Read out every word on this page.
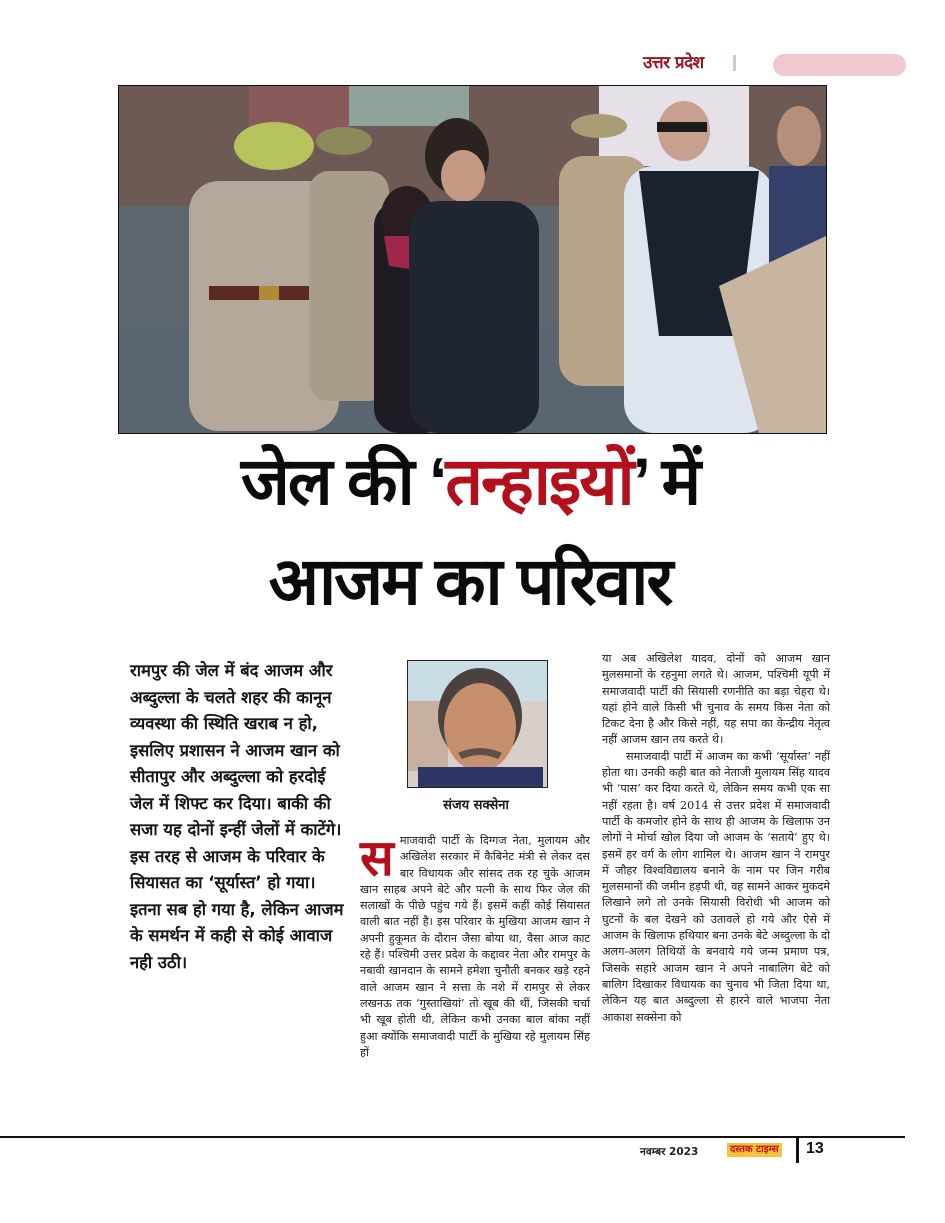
उत्तर प्रदेश
जेल की ‘तन्हाइयों’ में
आजम का परिवार
रामपुर की जेल में बंद आजम और अब्दुल्ला के चलते शहर की कानून व्यवस्था की स्थिति खराब न हो, इसलिए प्रशासन ने आजम खान को सीतापुर और अब्दुल्ला को हरदोई जेल में शिफ्ट कर दिया। बाकी की सजा यह दोनों इन्हीं जेलों में काटेंगे। इस तरह से आजम के परिवार के सियासत का ‘सूर्यास्त’ हो गया। इतना सब हो गया है, लेकिन आजम के समर्थन में कही से कोई आवाज नही उठी।
संजय सक्सेना
समाजवादी पार्टी के दिग्गज नेता, मुलायम और अखिलेश सरकार में कैबिनेट मंत्री से लेकर दस बार विधायक और सांसद तक रह चुके आजम खान साहब अपने बेटे और पत्नी के साथ फिर जेल की सलाखों के पीछे पहुंच गये हैं। इसमें कहीं कोई सियासत वाली बात नहीं है। इस परिवार के मुखिया आजम खान ने अपनी हुकूमत के दौरान जैसा बोया था, वैसा आज काट रहे हैं। पश्चिमी उत्तर प्रदेश के कद्दावर नेता और रामपुर के नबावी खानदान के सामने हमेशा चुनौती बनकर खड़े रहने वाले आजम खान ने सत्ता के नशे में रामपुर से लेकर लखनऊ तक ‘गुस्ताखियां’ तो खूब की थीं, जिसकी चर्चा भी खूब होती थी, लेकिन कभी उनका बाल बांका नहीं हुआ क्योंकि समाजवादी पार्टी के मुखिया रहे मुलायम सिंह हों

या अब अखिलेश यादव, दोनों को आजम खान मुलसमानों के रहनुमा लगते थे। आजम, पश्चिमी यूपी में समाजवादी पार्टी की सियासी रणनीति का बड़ा चेहरा थे। यहां होने वाले किसी भी चुनाव के समय किस नेता को टिकट देना है और किसे नहीं, यह सपा का केन्द्रीय नेतृत्व नहीं आजम खान तय करते थे।

समाजवादी पार्टी में आजम का कभी ‘सूर्यास्त’ नहीं होता था। उनकी कही बात को नेताजी मुलायम सिंह यादव भी ‘पास’ कर दिया करते थे, लेकिन समय कभी एक सा नहीं रहता है। वर्ष 2014 से उत्तर प्रदेश में समाजवादी पार्टी के कमजोर होने के साथ ही आजम के खिलाफ उन लोगों ने मोर्चा खोल दिया जो आजम के ‘सताये’ हुए थे। इसमें हर वर्ग के लोग शामिल थे। आजम खान ने रामपुर में जौहर विश्वविद्यालय बनाने के नाम पर जिन गरीब मुलसमानों की जमीन हड़पी थी, वह सामने आकर मुकदमे लिखाने लगे तो उनके सियासी विरोधी भी आजम को घुटनों के बल देखने को उतावले हो गये और ऐसे में आजम के खिलाफ हथियार बना उनके बेटे अब्दुल्ला के दो अलग-अलग तिथियों के बनवाये गये जन्म प्रमाण पत्र, जिसके सहारे आजम खान ने अपने नाबालिग बेटे को बालिग दिखाकर विधायक का चुनाव भी जिता दिया था, लेकिन यह बात अब्दुल्ला से हारने वाले भाजपा नेता आकाश सक्सेना को

नवम्बर 2023	दस्तक टाइम्स 13
